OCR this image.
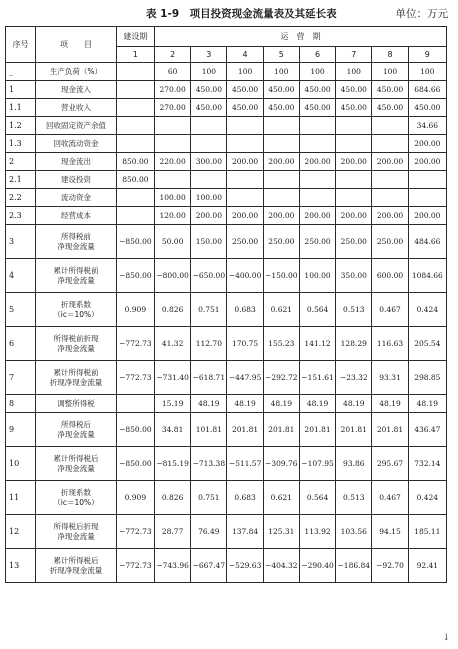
表 1-9　项目投资现金流量表及其延长表	单位：万元
序号	项　　目	建设期	运　营　期							
		1	2	3	4	5	6	7	8	9
_	生产负荷（%）		60	100	100	100	100	100	100	100
1	现金流入		270.00	450.00	450.00	450.00	450.00	450.00	450.00	684.66
1.1	营业收入		270.00	450.00	450.00	450.00	450.00	450.00	450.00	450.00
1.2	回收固定资产余值									34.66
1.3	回收流动资金									200.00
2	现金流出	850.00	220.00	300.00	200.00	200.00	200.00	200.00	200.00	200.00
2.1	建设投资	850.00								
2.2	流动资金		100.00	100.00						
2.3	经营成本		120.00	200.00	200.00	200.00	200.00	200.00	200.00	200.00
3	所得税前
净现金流量	−850.00	50.00	150.00	250.00	250.00	250.00	250.00	250.00	484.66
4	累计所得税前
净现金流量	−850.00	−800.00	−650.00	−400.00	−150.00	100.00	350.00	600.00	1084.66
5	折现系数
（ic＝10%）	0.909	0.826	0.751	0.683	0.621	0.564	0.513	0.467	0.424
6	所得税前折现
净现金流量	−772.73	41.32	112.70	170.75	155.23	141.12	128.29	116.63	205.54
7	累计所得税前
折现净现金流量	−772.73	−731.40	−618.71	−447.95	−292.72	−151.61	−23.32	93.31	298.85
8	调整所得税		15.19	48.19	48.19	48.19	48.19	48.19	48.19	48.19
9	所得税后
净现金流量	−850.00	34.81	101.81	201.81	201.81	201.81	201.81	201.81	436.47
10	累计所得税后
净现金流量	−850.00	−815.19	−713.38	−511.57	−309.76	−107.95	93.86	295.67	732.14
11	折现系数
（ic＝10%）	0.909	0.826	0.751	0.683	0.621	0.564	0.513	0.467	0.424
12	所得税后折现
净现金流量	−772.73	28.77	76.49	137.84	125.31	113.92	103.56	94.15	185.11
13	累计所得税后
折现净现金流量	−772.73	−743.96	−667.47	−529.63	−404.32	−290.40	−186.84	−92.70	92.41
↓
